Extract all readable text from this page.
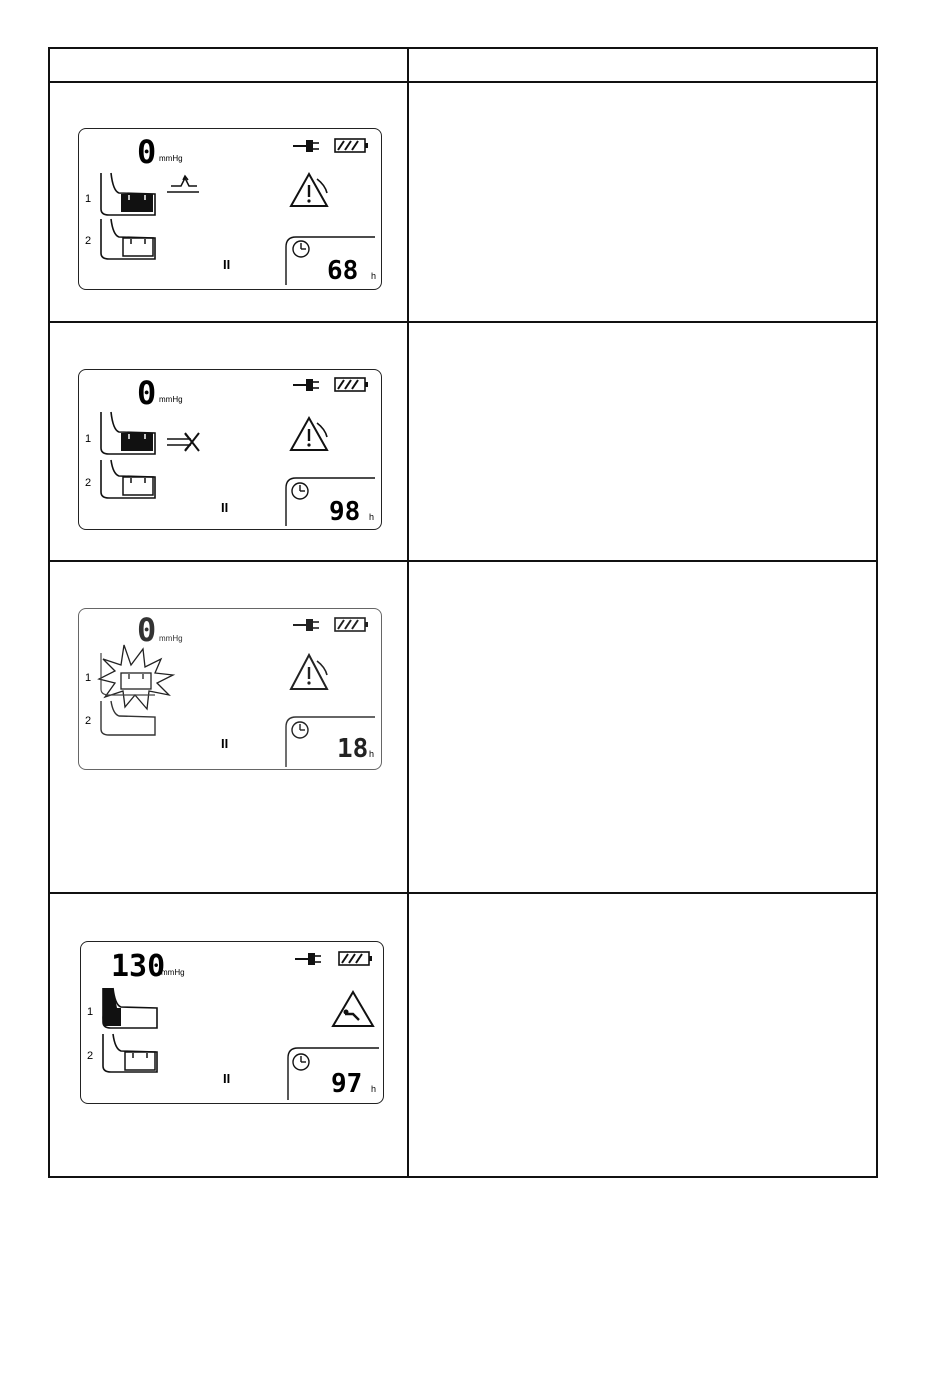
0 mmHg
1
2
II	68 h
0 mmHg
1
2
II	98 h
0 mmHg
1
2
II	18 h
130
mmHg
1
2
II	97 h
